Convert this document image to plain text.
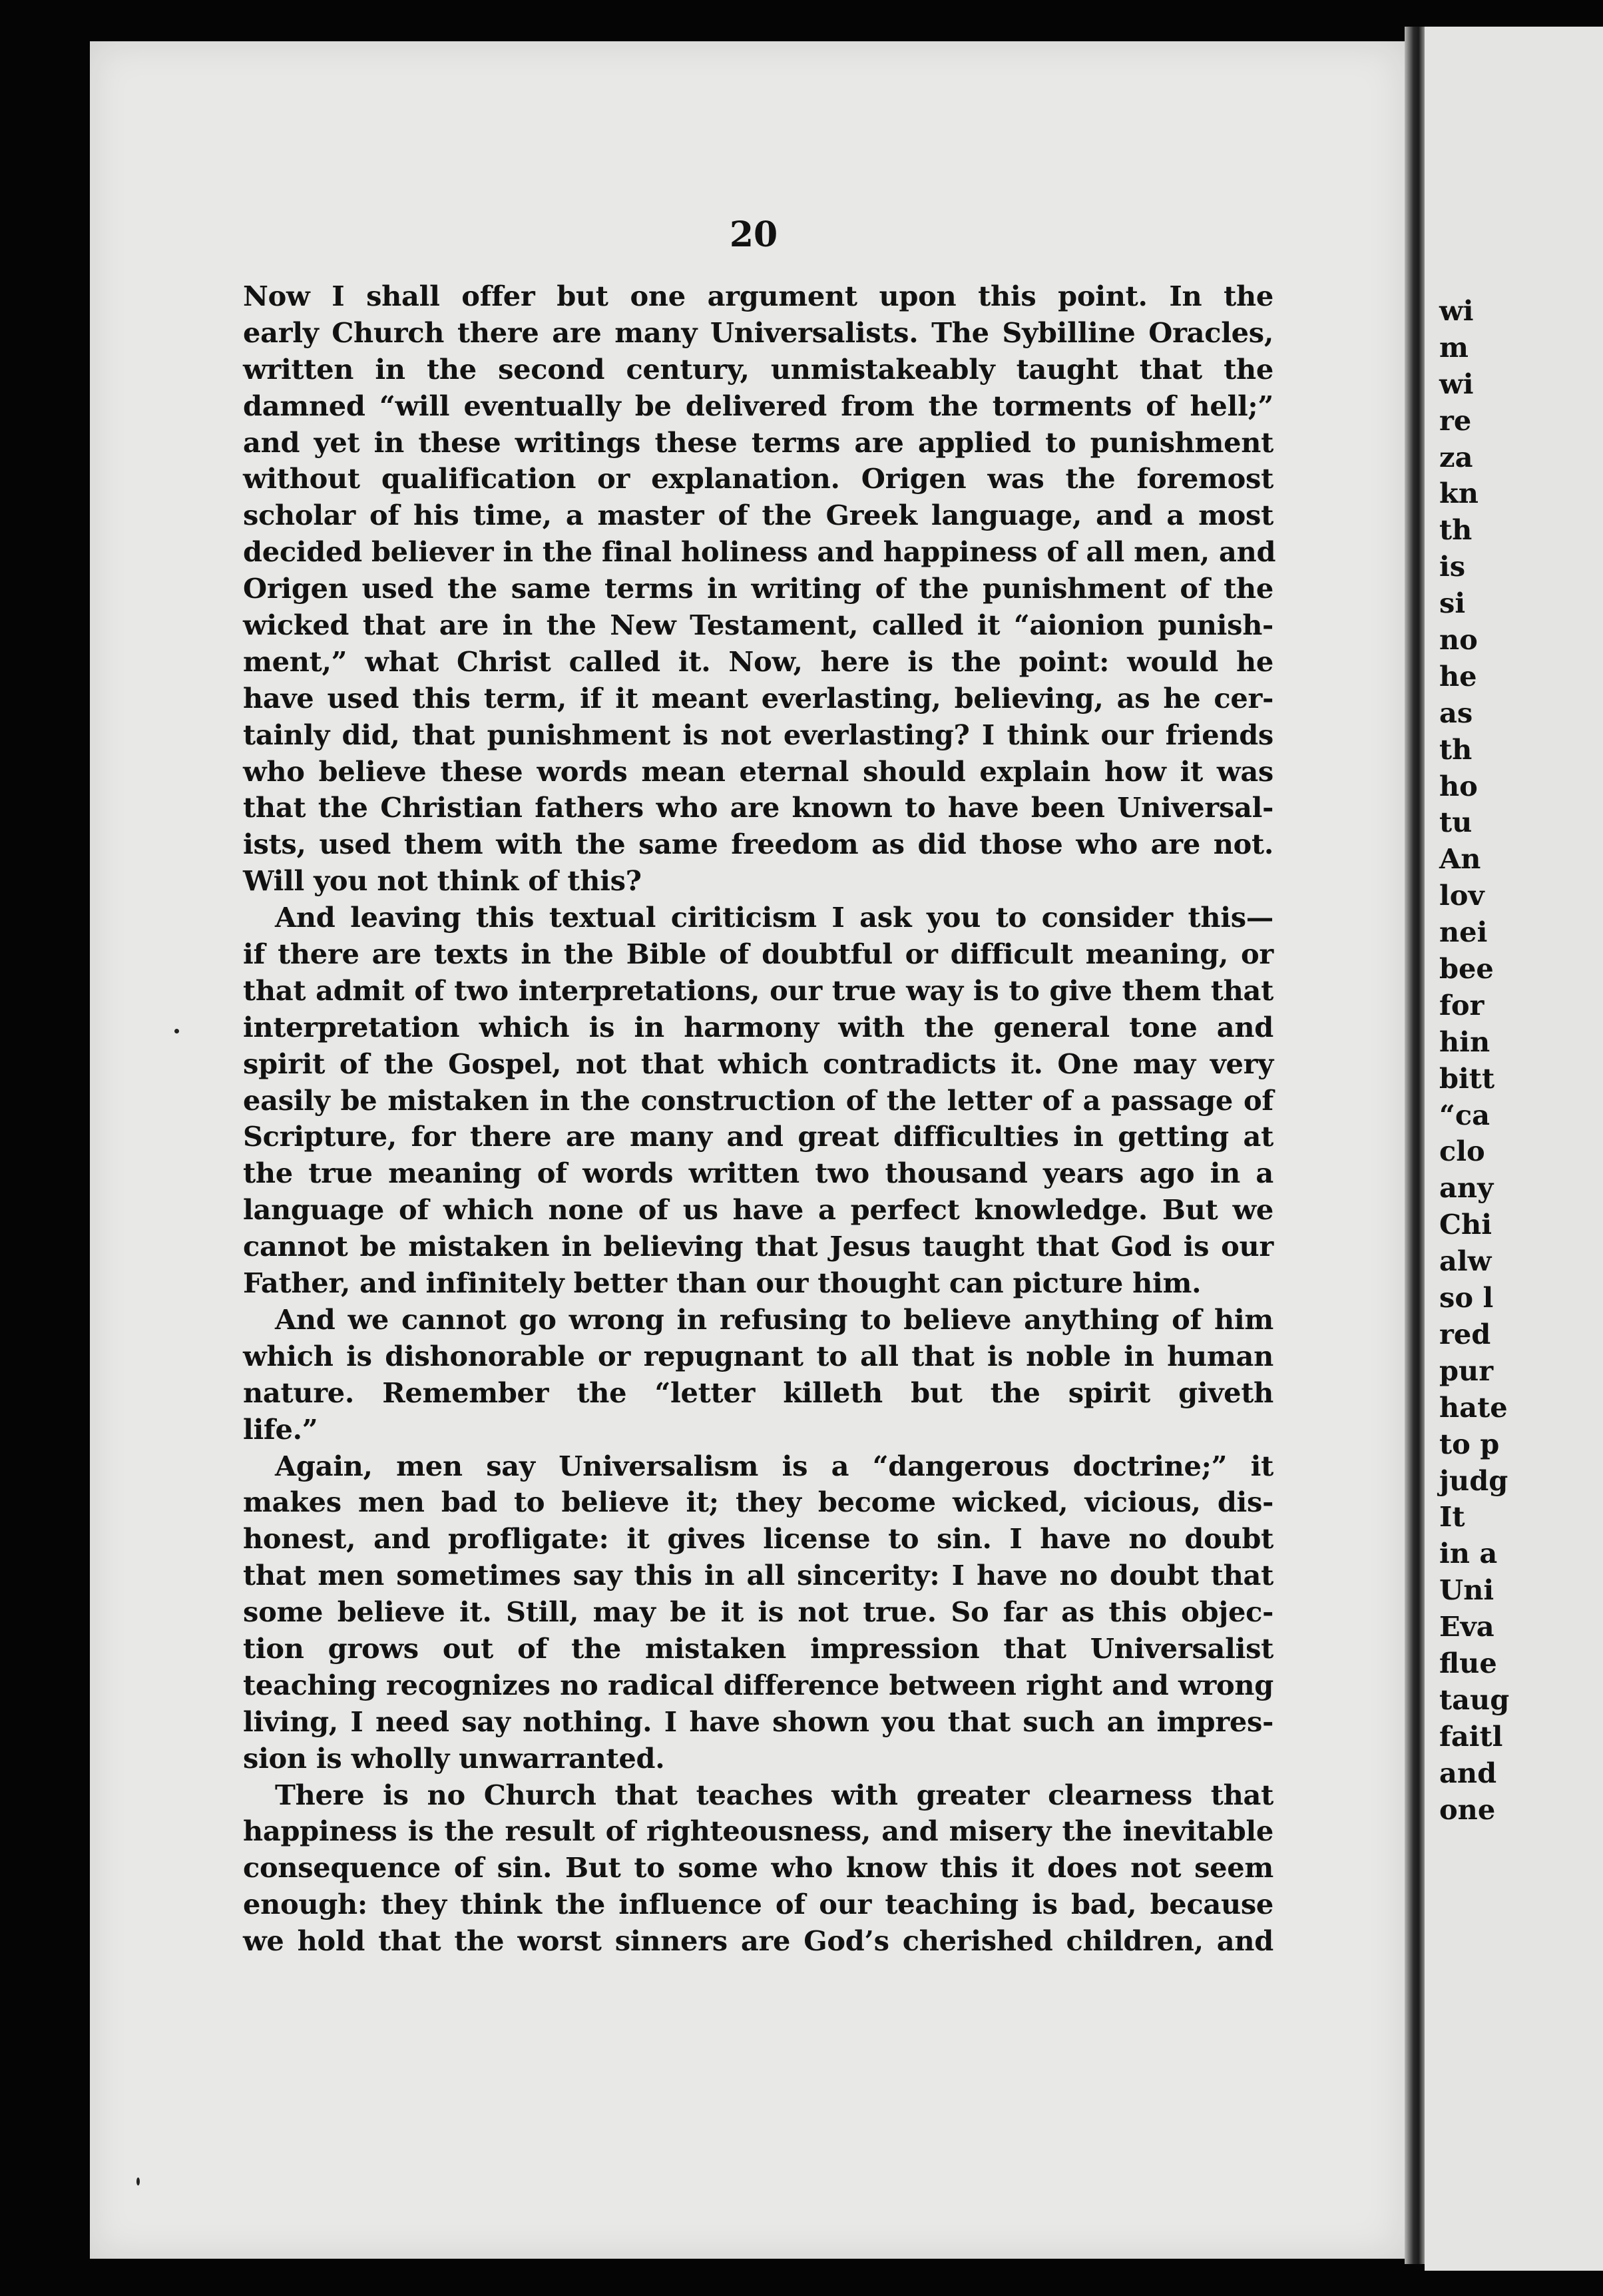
20
Now I shall offer but one argument upon this point. In the
early Church there are many Universalists. The Sybilline Oracles,
written in the second century, unmistakeably taught that the
damned “will eventually be delivered from the torments of hell;”
and yet in these writings these terms are applied to punishment
without qualification or explanation. Origen was the foremost
scholar of his time, a master of the Greek language, and a most
decided believer in the final holiness and happiness of all men, and
Origen used the same terms in writing of the punishment of the
wicked that are in the New Testament, called it “aionion punish-
ment,” what Christ called it. Now, here is the point: would he
have used this term, if it meant everlasting, believing, as he cer-
tainly did, that punishment is not everlasting? I think our friends
who believe these words mean eternal should explain how it was
that the Christian fathers who are known to have been Universal-
ists, used them with the same freedom as did those who are not.
Will you not think of this?
And leaving this textual ciriticism I ask you to consider this—
if there are texts in the Bible of doubtful or difficult meaning, or
that admit of two interpretations, our true way is to give them that
interpretation which is in harmony with the general tone and
spirit of the Gospel, not that which contradicts it. One may very
easily be mistaken in the construction of the letter of a passage of
Scripture, for there are many and great difficulties in getting at
the true meaning of words written two thousand years ago in a
language of which none of us have a perfect knowledge. But we
cannot be mistaken in believing that Jesus taught that God is our
Father, and infinitely better than our thought can picture him.
And we cannot go wrong in refusing to believe anything of him
which is dishonorable or repugnant to all that is noble in human
nature. Remember the “letter killeth but the spirit giveth
life.”
Again, men say Universalism is a “dangerous doctrine;” it
makes men bad to believe it; they become wicked, vicious, dis-
honest, and profligate: it gives license to sin. I have no doubt
that men sometimes say this in all sincerity: I have no doubt that
some believe it. Still, may be it is not true. So far as this objec-
tion grows out of the mistaken impression that Universalist
teaching recognizes no radical difference between right and wrong
living, I need say nothing. I have shown you that such an impres-
sion is wholly unwarranted.
There is no Church that teaches with greater clearness that
happiness is the result of righteousness, and misery the inevitable
consequence of sin. But to some who know this it does not seem
enough: they think the influence of our teaching is bad, because
we hold that the worst sinners are God’s cherished children, and
wi
m
wi
re
za
kn
th
is
si
no
he
as
th
ho
tu
An
lov
nei
bee
for
hin
bitt
“ca
clo
any
Chi
alw
so l
red
pur
hate
to p
judg
It
in a
Uni
Eva
flue
taug
faitl
and
one
